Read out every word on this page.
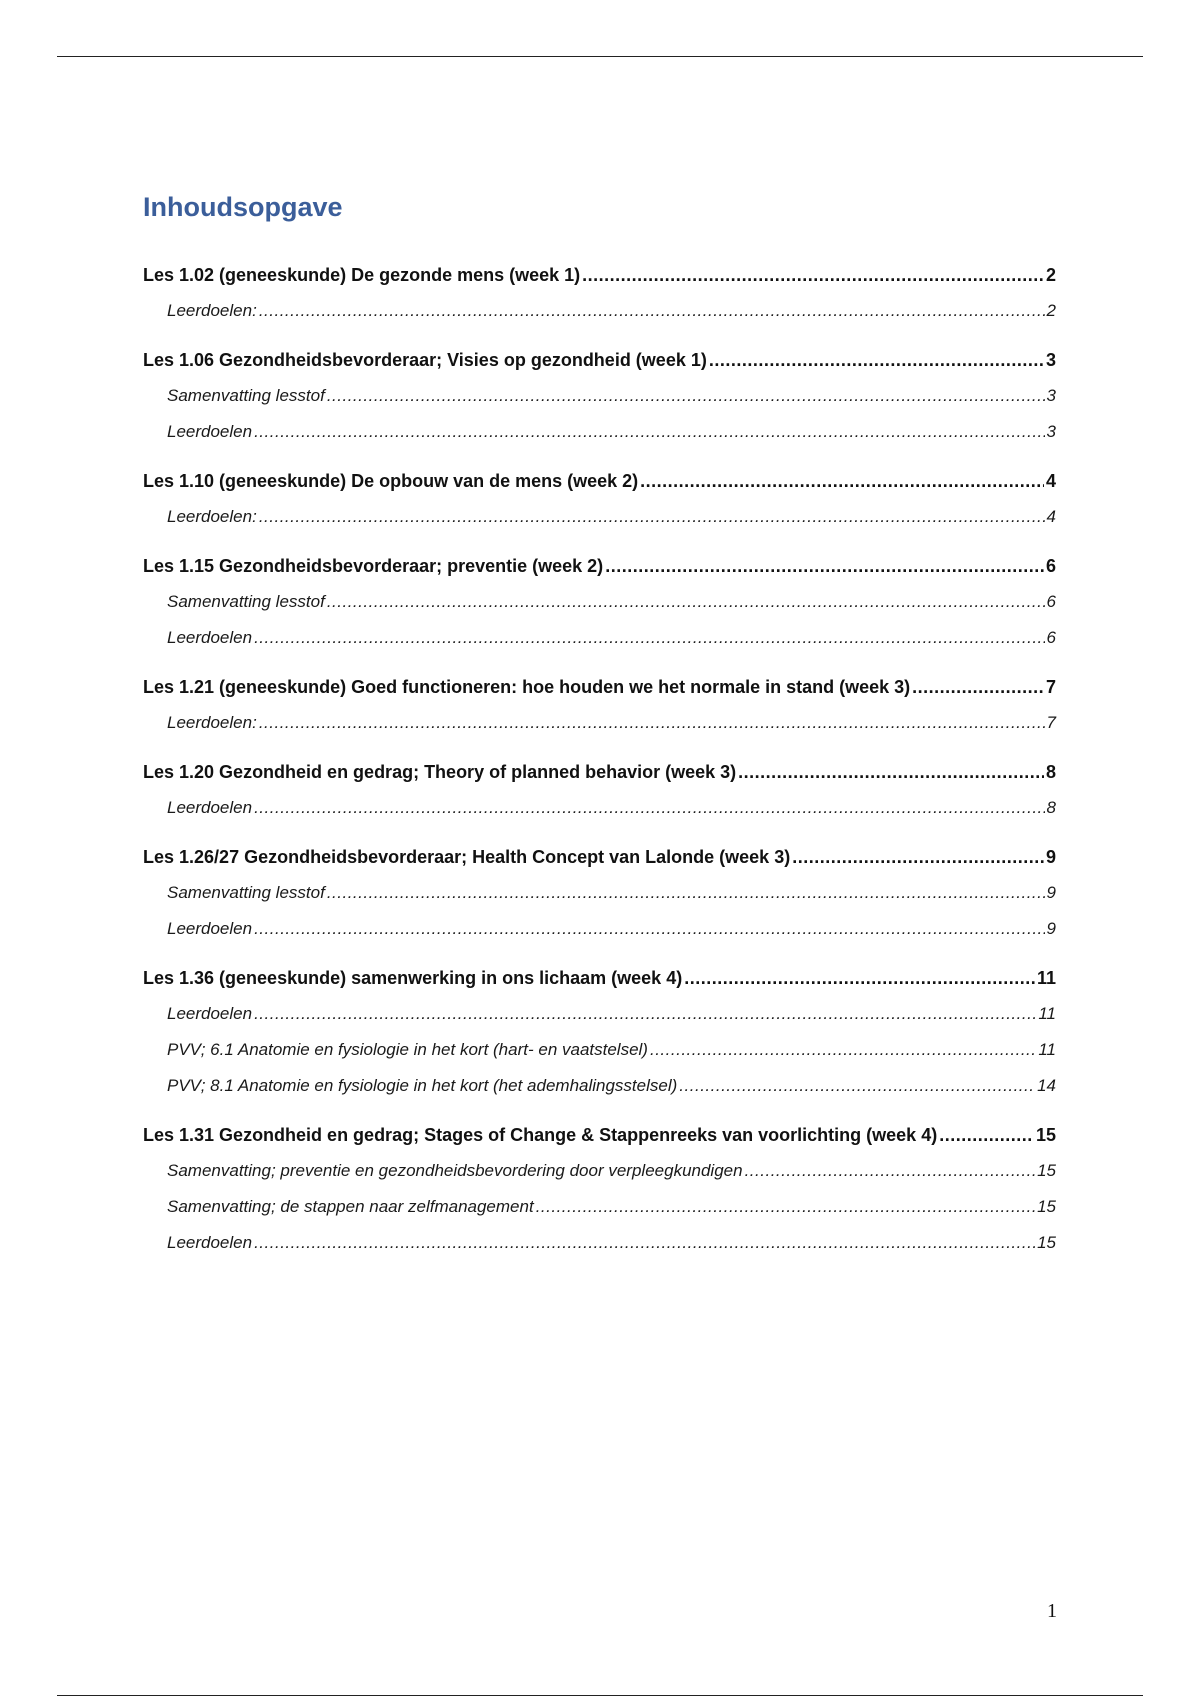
Inhoudsopgave
Les 1.02 (geneeskunde) De gezonde mens (week 1) .....	2
Leerdoelen: .....	2
Les 1.06 Gezondheidsbevorderaar; Visies op gezondheid (week 1) .....	3
Samenvatting lesstof .....	3
Leerdoelen .....	3
Les 1.10 (geneeskunde) De opbouw van de mens (week 2) .....	4
Leerdoelen: .....	4
Les 1.15 Gezondheidsbevorderaar; preventie (week 2) .....	6
Samenvatting lesstof .....	6
Leerdoelen .....	6
Les 1.21 (geneeskunde) Goed functioneren: hoe houden we het normale in stand (week 3) .....	7
Leerdoelen: .....	7
Les 1.20 Gezondheid en gedrag; Theory of planned behavior (week 3) .....	8
Leerdoelen .....	8
Les 1.26/27 Gezondheidsbevorderaar; Health Concept van Lalonde (week 3) .....	9
Samenvatting lesstof .....	9
Leerdoelen .....	9
Les 1.36 (geneeskunde) samenwerking in ons lichaam (week 4) .....	11
Leerdoelen .....	11
PVV; 6.1 Anatomie en fysiologie in het kort (hart- en vaatstelsel) .....	11
PVV; 8.1 Anatomie en fysiologie in het kort (het ademhalingsstelsel) .....	14
Les 1.31 Gezondheid en gedrag; Stages of Change & Stappenreeks van voorlichting (week 4) .....	15
Samenvatting; preventie en gezondheidsbevordering door verpleegkundigen .....	15
Samenvatting; de stappen naar zelfmanagement .....	15
Leerdoelen .....	15
1
